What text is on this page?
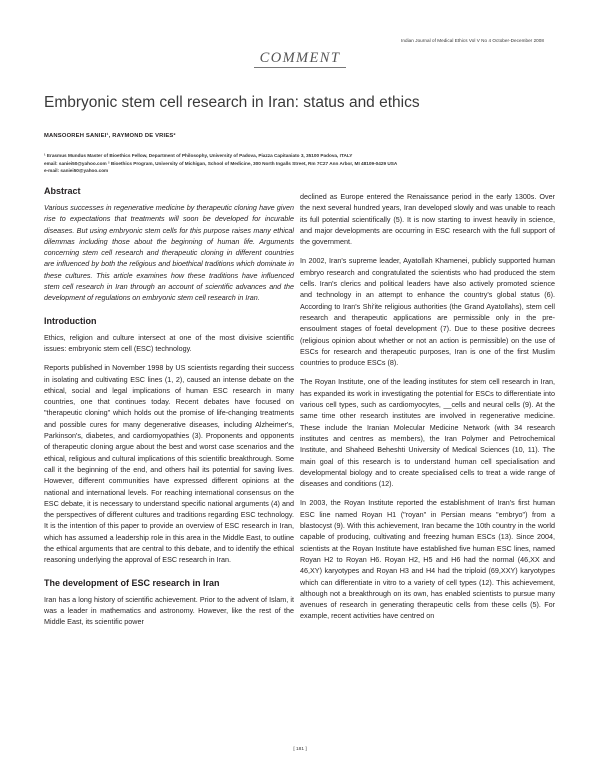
Indian Journal of Medical Ethics Vol V No 4 October-December 2008
COMMENT
Embryonic stem cell research in Iran: status and ethics
MANSOOREH SANIEI¹, RAYMOND DE VRIES²
¹ Erasmus Mundus Master of Bioethics Fellow, Department of Philosophy, University of Padova, Piazza Capitaniato 3, 35100 Padova, ITALY
email: saniei50@yahoo.com ² Bioethics Program, University of Michigan, School of Medicine, 300 North Ingalls Street, Rm 7C27 Ann Arbor, MI 48109-0429 USA
e-mail: saniei50@yahoo.com
Abstract

Various successes in regenerative medicine by therapeutic cloning have given rise to expectations that treatments will soon be developed for incurable diseases. But using embryonic stem cells for this purpose raises many ethical dilemmas including those about the beginning of human life. Arguments concerning stem cell research and therapeutic cloning in different countries are influenced by both the religious and bioethical traditions which dominate in these cultures. This article examines how these traditions have influenced stem cell research in Iran through an account of scientific advances and the development of regulations on embryonic stem cell research in Iran.

Introduction

Ethics, religion and culture intersect at one of the most divisive scientific issues: embryonic stem cell (ESC) technology.

Reports published in November 1998 by US scientists regarding their success in isolating and cultivating ESC lines (1, 2), caused an intense debate on the ethical, social and legal implications of human ESC research in many countries, one that continues today. Recent debates have focused on "therapeutic cloning" which holds out the promise of life-changing treatments and possible cures for many degenerative diseases, including Alzheimer's, Parkinson's, diabetes, and cardiomyopathies (3). Proponents and opponents of therapeutic cloning argue about the best and worst case scenarios and the ethical, religious and cultural implications of this scientific breakthrough. Some call it the beginning of the end, and others hail its potential for saving lives. However, different communities have expressed different opinions at the national and international levels. For reaching international consensus on the ESC debate, it is necessary to understand specific national arguments (4) and the perspectives of different cultures and traditions regarding ESC technology. It is the intention of this paper to provide an overview of ESC research in Iran, which has assumed a leadership role in this area in the Middle East, to outline the ethical arguments that are central to this debate, and to identify the ethical reasoning underlying the approval of ESC research in Iran.

The development of ESC research in Iran

Iran has a long history of scientific achievement. Prior to the advent of Islam, it was a leader in mathematics and astronomy. However, like the rest of the Middle East, its scientific power

declined as Europe entered the Renaissance period in the early 1300s. Over the next several hundred years, Iran developed slowly and was unable to reach its full potential scientifically (5). It is now starting to invest heavily in science, and major developments are occurring in ESC research with the full support of the government.

In 2002, Iran's supreme leader, Ayatollah Khamenei, publicly supported human embryo research and congratulated the scientists who had produced the stem cells. Iran's clerics and political leaders have also actively promoted science and technology in an attempt to enhance the country's global status (6). According to Iran's Shi'ite religious authorities (the Grand Ayatollahs), stem cell research and therapeutic applications are permissible only in the pre-ensoulment stages of foetal development (7). Due to these positive decrees (religious opinion about whether or not an action is permissible) on the use of ESCs for research and therapeutic purposes, Iran is one of the first Muslim countries to produce ESCs (8).

The Royan Institute, one of the leading institutes for stem cell research in Iran, has expanded its work in investigating the potential for ESCs to differentiate into various cell types, such as cardiomyocytes, __cells and neural cells (9). At the same time other research institutes are involved in regenerative medicine. These include the Iranian Molecular Medicine Network (with 34 research institutes and centres as members), the Iran Polymer and Petrochemical Institute, and Shaheed Beheshti University of Medical Sciences (10, 11). The main goal of this research is to understand human cell specialisation and developmental biology and to create specialised cells to treat a wide range of diseases and conditions (12).

In 2003, the Royan Institute reported the establishment of Iran's first human ESC line named Royan H1 ("royan" in Persian means "embryo") from a blastocyst (9). With this achievement, Iran became the 10th country in the world capable of producing, cultivating and freezing human ESCs (13). Since 2004, scientists at the Royan Institute have established five human ESC lines, named Royan H2 to Royan H6. Royan H2, H5 and H6 had the normal (46,XX and 46,XY) karyotypes and Royan H3 and H4 had the triploid (69,XXY) karyotypes which can differentiate in vitro to a variety of cell types (12). This achievement, although not a breakthrough on its own, has enabled scientists to pursue many avenues of research in generating therapeutic cells from these cells (5). For example, recent activities have centred on

[ 181 ]
